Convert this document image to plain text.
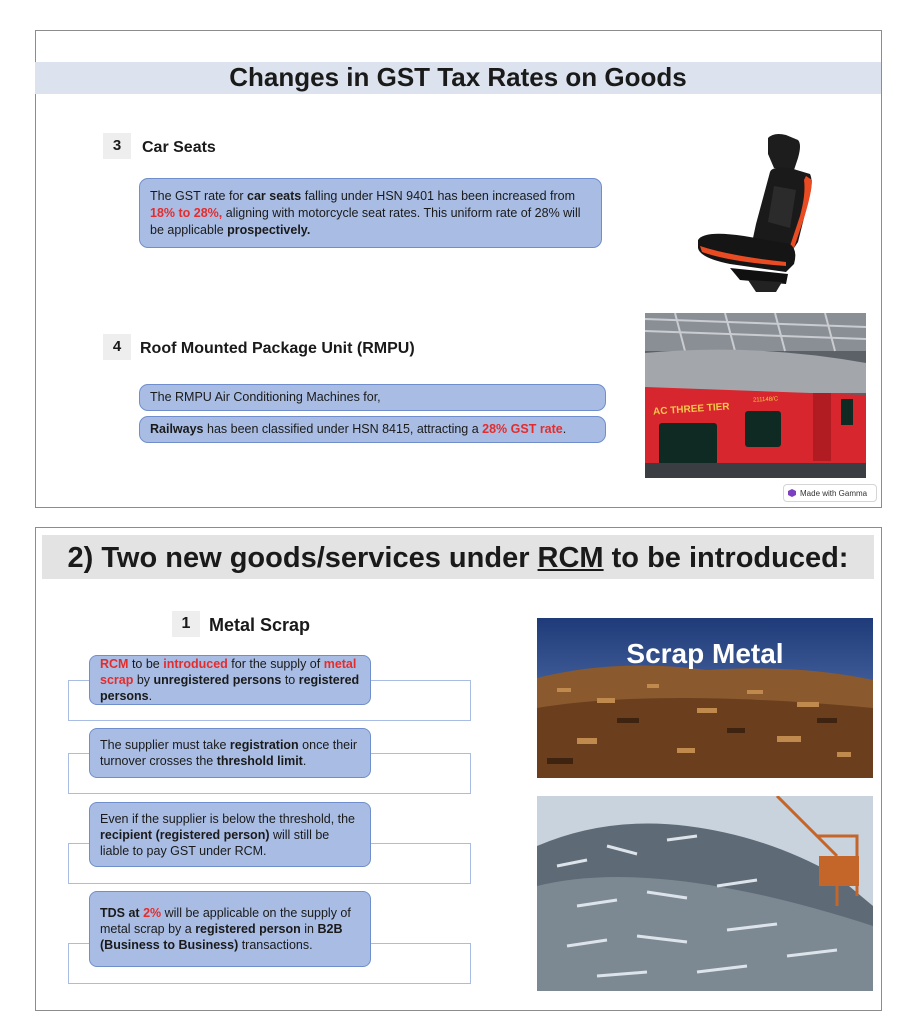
Changes in GST Tax Rates on Goods
3	Car Seats
The GST rate for car seats falling under HSN 9401 has been increased from 18% to 28%, aligning with motorcycle seat rates. This uniform rate of 28% will be applicable prospectively.
4	Roof Mounted Package Unit (RMPU)
The RMPU Air Conditioning Machines for,
Railways has been classified under HSN 8415, attracting a 28% GST rate.
AC THREE TIER
211148/C
Made with Gamma
2) Two new goods/services under RCM to be introduced:
1	Metal Scrap
RCM to be introduced for the supply of metal scrap by unregistered persons to registered persons.
The supplier must take registration once their turnover crosses the threshold limit.
Even if the supplier is below the threshold, the recipient (registered person) will still be liable to pay GST under RCM.
TDS at 2% will be applicable on the supply of metal scrap by a registered person in B2B (Business to Business) transactions.
Scrap Metal
